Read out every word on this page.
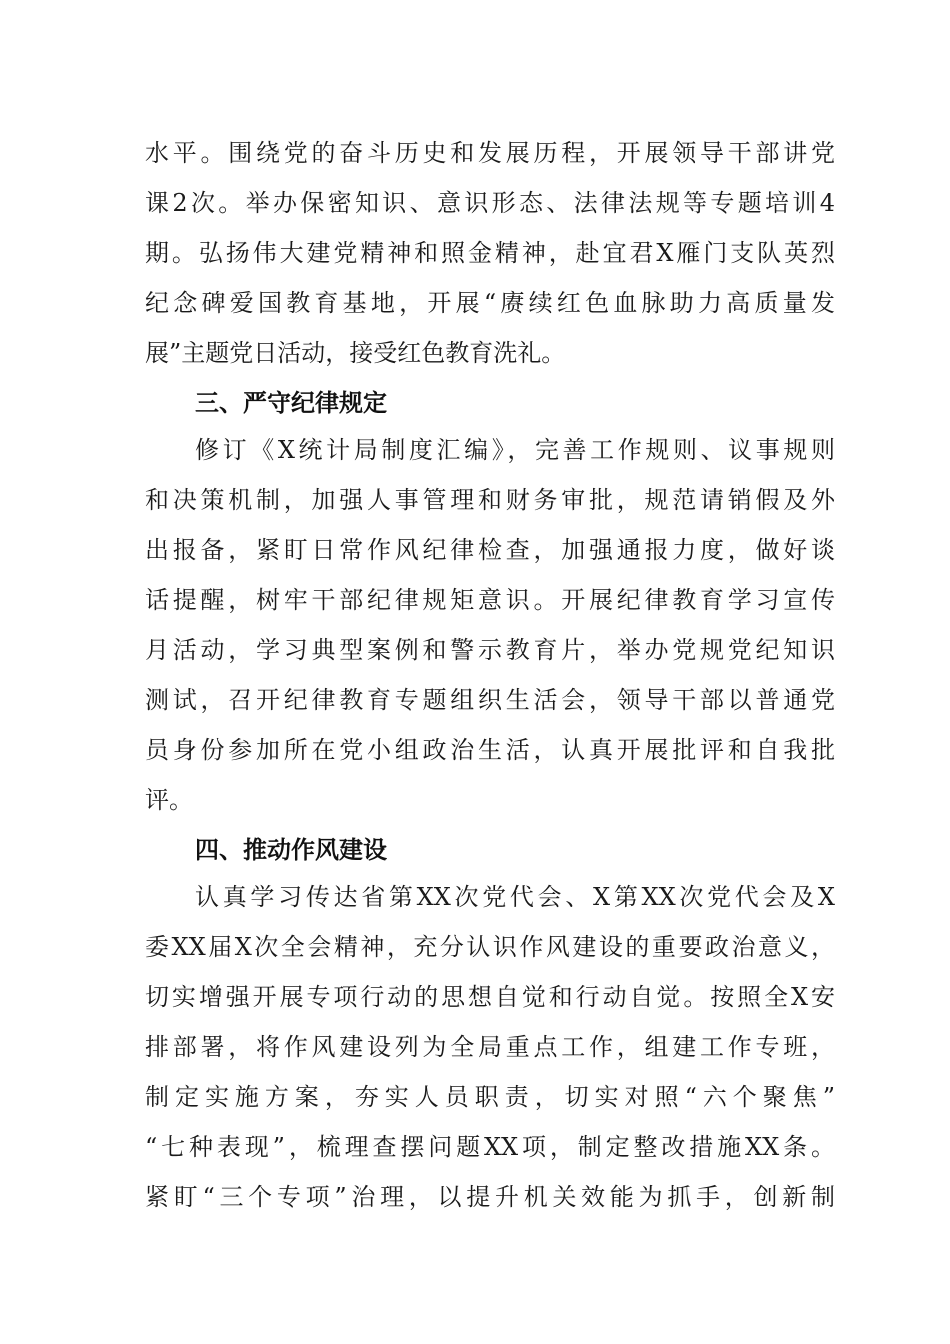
水平。围绕党的奋斗历史和发展历程，开展领导干部讲党

课2次。举办保密知识、意识形态、法律法规等专题培训4

期。弘扬伟大建党精神和照金精神，赴宜君X雁门支队英烈

纪念碑爱国教育基地，开展“赓续红色血脉助力高质量发

展”主题党日活动，接受红色教育洗礼。

三、严守纪律规定

修订《X统计局制度汇编》，完善工作规则、议事规则

和决策机制，加强人事管理和财务审批，规范请销假及外

出报备，紧盯日常作风纪律检查，加强通报力度，做好谈

话提醒，树牢干部纪律规矩意识。开展纪律教育学习宣传

月活动，学习典型案例和警示教育片，举办党规党纪知识

测试，召开纪律教育专题组织生活会，领导干部以普通党

员身份参加所在党小组政治生活，认真开展批评和自我批

评。

四、推动作风建设

认真学习传达省第XX次党代会、X第XX次党代会及X

委XX届X次全会精神，充分认识作风建设的重要政治意义，

切实增强开展专项行动的思想自觉和行动自觉。按照全X安

排部署，将作风建设列为全局重点工作，组建工作专班，

制定实施方案，夯实人员职责，切实对照“六个聚焦”

“七种表现”，梳理查摆问题XX项，制定整改措施XX条。

紧盯“三个专项”治理，以提升机关效能为抓手，创新制
